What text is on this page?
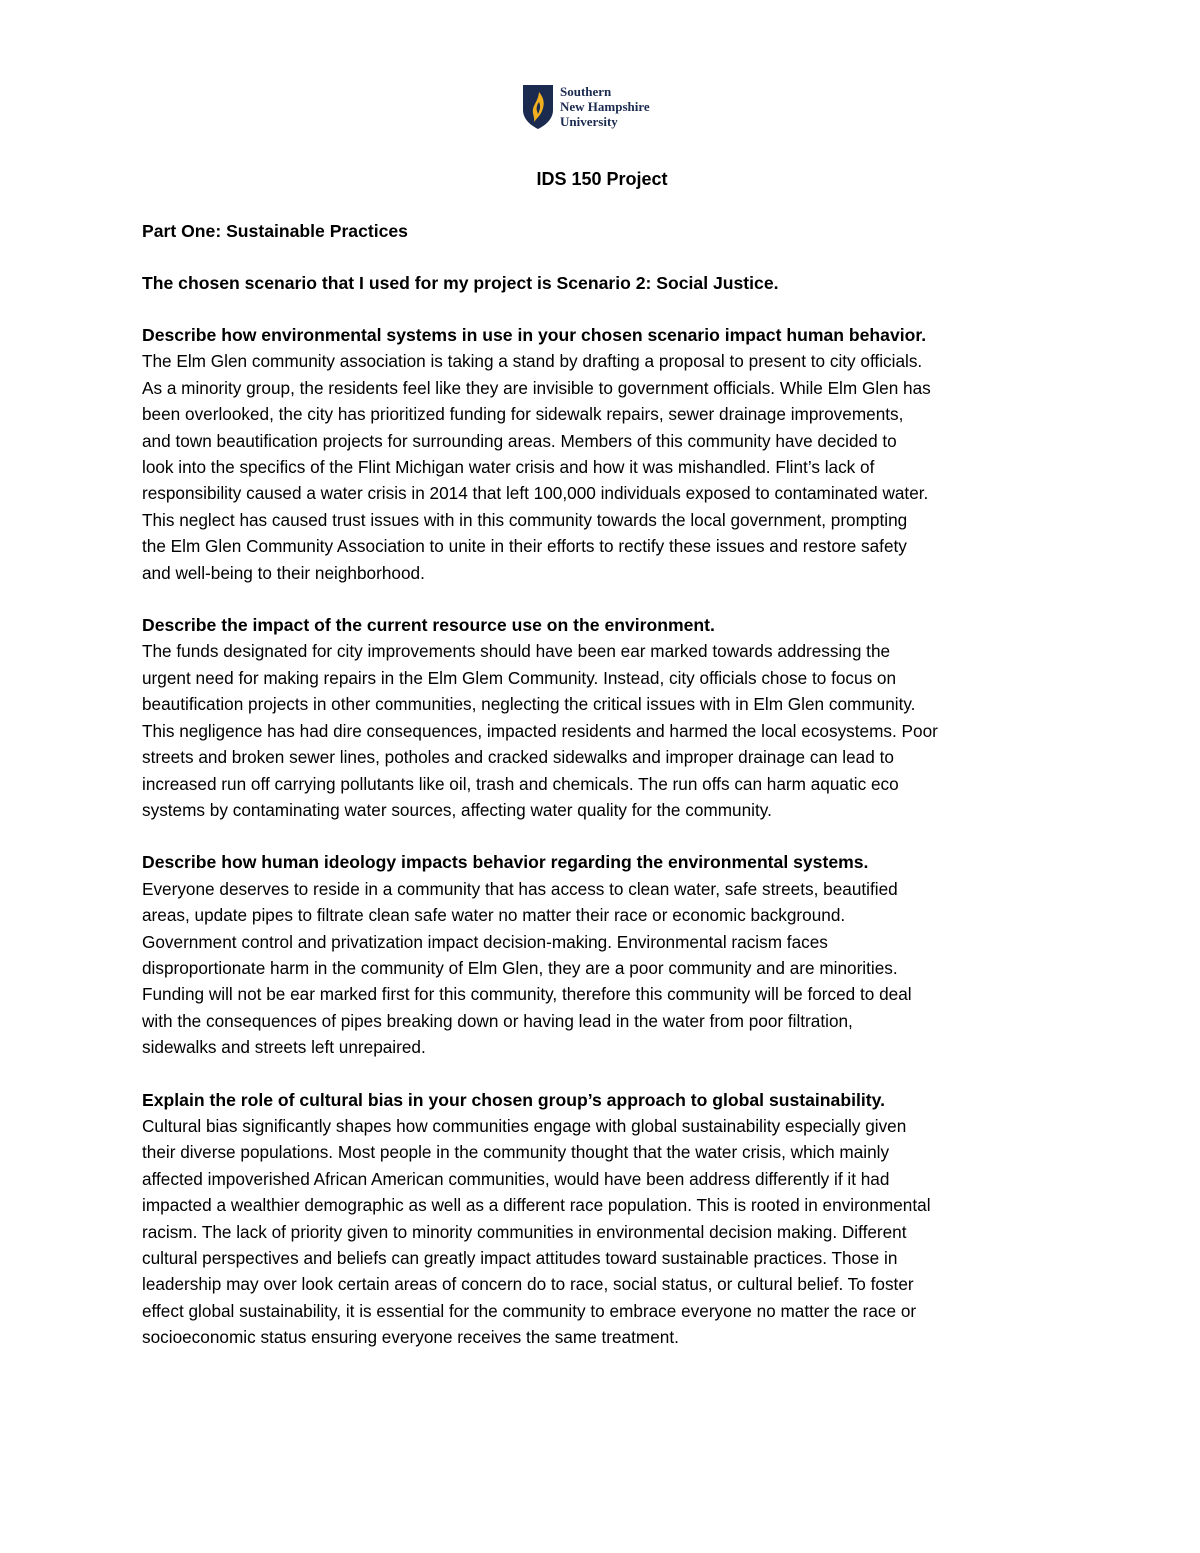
Southern
New Hampshire
University
IDS 150 Project
Part One: Sustainable Practices
The chosen scenario that I used for my project is Scenario 2: Social Justice.

Describe how environmental systems in use in your chosen scenario impact human behavior.

The Elm Glen community association is taking a stand by drafting a proposal to present to city officials.
As a minority group, the residents feel like they are invisible to government officials. While Elm Glen has
been overlooked, the city has prioritized funding for sidewalk repairs, sewer drainage improvements,
and town beautification projects for surrounding areas. Members of this community have decided to
look into the specifics of the Flint Michigan water crisis and how it was mishandled. Flint’s lack of
responsibility caused a water crisis in 2014 that left 100,000 individuals exposed to contaminated water.
This neglect has caused trust issues with in this community towards the local government, prompting
the Elm Glen Community Association to unite in their efforts to rectify these issues and restore safety
and well-being to their neighborhood.

Describe the impact of the current resource use on the environment.

The funds designated for city improvements should have been ear marked towards addressing the
urgent need for making repairs in the Elm Glem Community. Instead, city officials chose to focus on
beautification projects in other communities, neglecting the critical issues with in Elm Glen community.
This negligence has had dire consequences, impacted residents and harmed the local ecosystems. Poor
streets and broken sewer lines, potholes and cracked sidewalks and improper drainage can lead to
increased run off carrying pollutants like oil, trash and chemicals. The run offs can harm aquatic eco
systems by contaminating water sources, affecting water quality for the community.

Describe how human ideology impacts behavior regarding the environmental systems.

Everyone deserves to reside in a community that has access to clean water, safe streets, beautified
areas, update pipes to filtrate clean safe water no matter their race or economic background.
Government control and privatization impact decision-making. Environmental racism faces
disproportionate harm in the community of Elm Glen, they are a poor community and are minorities.
Funding will not be ear marked first for this community, therefore this community will be forced to deal
with the consequences of pipes breaking down or having lead in the water from poor filtration,
sidewalks and streets left unrepaired.

Explain the role of cultural bias in your chosen group’s approach to global sustainability.

Cultural bias significantly shapes how communities engage with global sustainability especially given
their diverse populations. Most people in the community thought that the water crisis, which mainly
affected impoverished African American communities, would have been address differently if it had
impacted a wealthier demographic as well as a different race population. This is rooted in environmental
racism. The lack of priority given to minority communities in environmental decision making. Different
cultural perspectives and beliefs can greatly impact attitudes toward sustainable practices. Those in
leadership may over look certain areas of concern do to race, social status, or cultural belief. To foster
effect global sustainability, it is essential for the community to embrace everyone no matter the race or
socioeconomic status ensuring everyone receives the same treatment.
